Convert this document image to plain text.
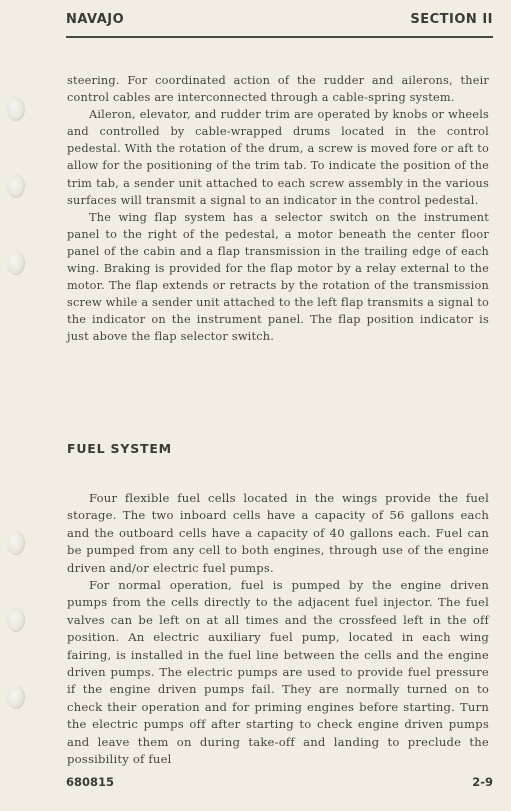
NAVAJO	SECTION II

steering. For coordinated action of the rudder and ailerons, their control cables are interconnected through a cable-spring system.

Aileron, elevator, and rudder trim are operated by knobs or wheels and controlled by cable-wrapped drums located in the control pedestal. With the rotation of the drum, a screw is moved fore or aft to allow for the positioning of the trim tab. To indicate the position of the trim tab, a sender unit attached to each screw assembly in the various surfaces will transmit a signal to an indicator in the control pedestal.

The wing flap system has a selector switch on the instrument panel to the right of the pedestal, a motor beneath the center floor panel of the cabin and a flap transmission in the trailing edge of each wing. Braking is provided for the flap motor by a relay external to the motor. The flap extends or retracts by the rotation of the transmission screw while a sender unit attached to the left flap transmits a signal to the indicator on the instrument panel. The flap position indicator is just above the flap selector switch.

FUEL SYSTEM

Four flexible fuel cells located in the wings provide the fuel storage. The two inboard cells have a capacity of 56 gallons each and the outboard cells have a capacity of 40 gallons each. Fuel can be pumped from any cell to both engines, through use of the engine driven and/or electric fuel pumps.

For normal operation, fuel is pumped by the engine driven pumps from the cells directly to the adjacent fuel injector. The fuel valves can be left on at all times and the crossfeed left in the off position. An electric auxiliary fuel pump, located in each wing fairing, is installed in the fuel line between the cells and the engine driven pumps. The electric pumps are used to provide fuel pressure if the engine driven pumps fail. They are normally turned on to check their operation and for priming engines before starting. Turn the electric pumps off after starting to check engine driven pumps and leave them on during take-off and landing to preclude the possibility of fuel

680815	2-9
